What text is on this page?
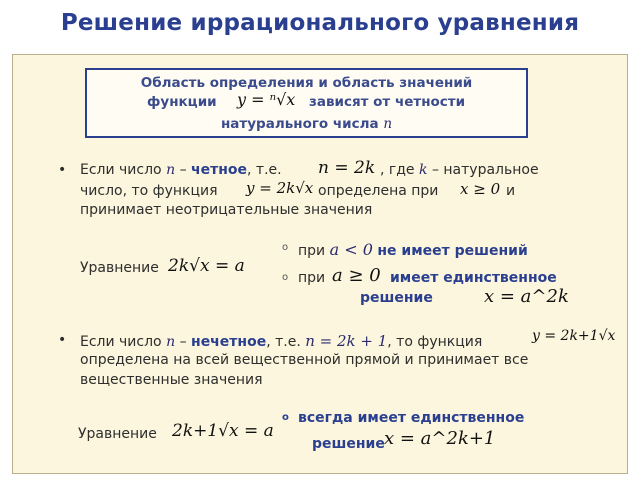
Решение иррационального уравнения
Область определения и область значений
функции y = ⁿ√x зависят от четности
натурального числа n
• Если число n – четное, т.е. n = 2k , где k – натуральное
число, то функция y = 2k√x определена при x ≥ 0 и
принимает неотрицательные значения
Уравнение 2k√x = a
o при a < 0 не имеет решений
o при a ≥ 0 имеет единственное
решение	x = a^2k
• Если число n – нечетное, т.е. n = 2k + 1, то функция	y = 2k+1√x
определена на всей вещественной прямой и принимает все
вещественные значения
Уравнение 2k+1√x = a
o всегда имеет единственное
решение x = a^2k+1
